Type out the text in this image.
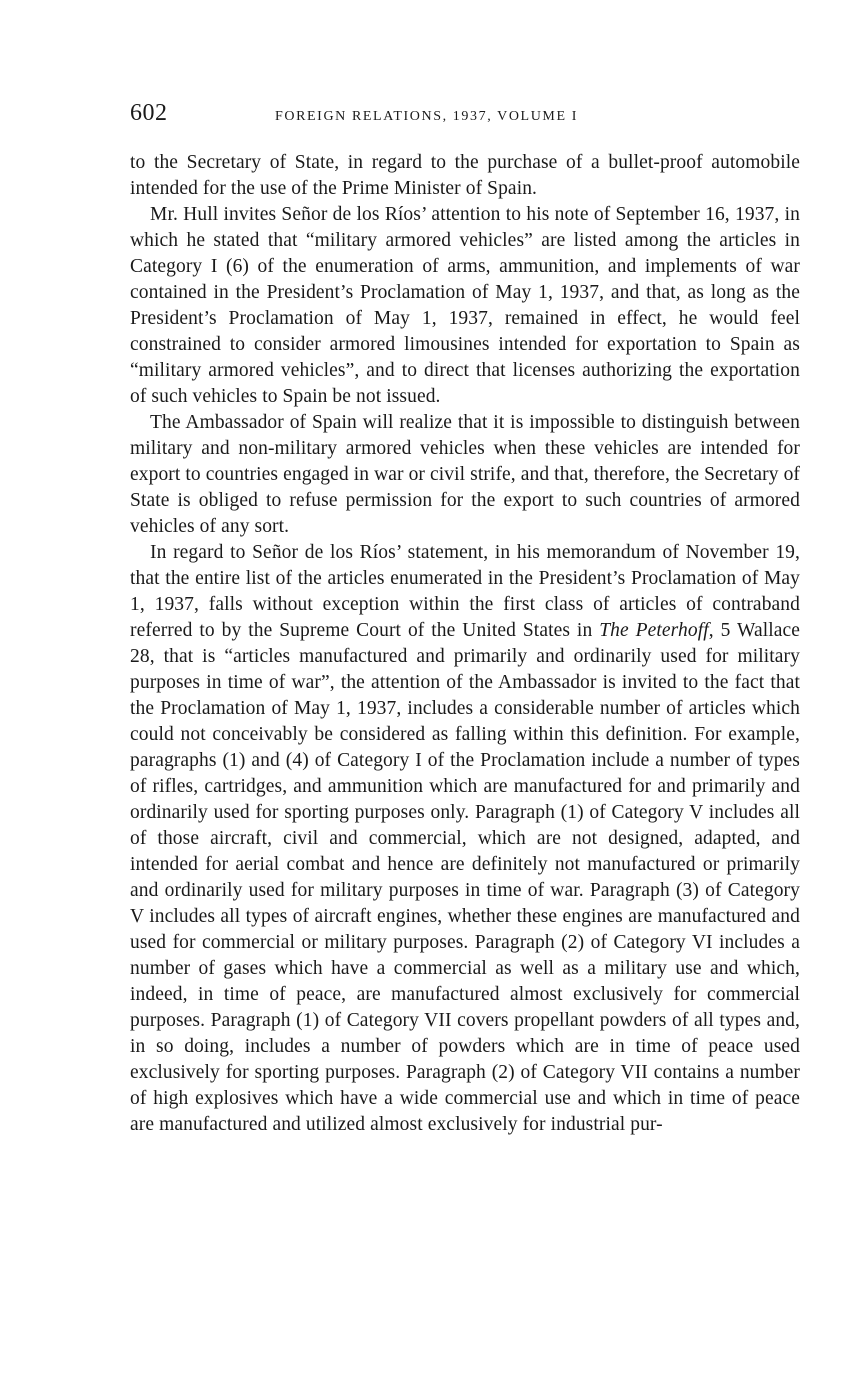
602	FOREIGN RELATIONS, 1937, VOLUME I

to the Secretary of State, in regard to the purchase of a bullet-proof automobile intended for the use of the Prime Minister of Spain.

Mr. Hull invites Señor de los Ríos’ attention to his note of September 16, 1937, in which he stated that “military armored vehicles” are listed among the articles in Category I (6) of the enumeration of arms, ammunition, and implements of war contained in the President’s Proclamation of May 1, 1937, and that, as long as the President’s Proclamation of May 1, 1937, remained in effect, he would feel constrained to consider armored limousines intended for exportation to Spain as “military armored vehicles”, and to direct that licenses authorizing the exportation of such vehicles to Spain be not issued.

The Ambassador of Spain will realize that it is impossible to distinguish between military and non-military armored vehicles when these vehicles are intended for export to countries engaged in war or civil strife, and that, therefore, the Secretary of State is obliged to refuse permission for the export to such countries of armored vehicles of any sort.

In regard to Señor de los Ríos’ statement, in his memorandum of November 19, that the entire list of the articles enumerated in the President’s Proclamation of May 1, 1937, falls without exception within the first class of articles of contraband referred to by the Supreme Court of the United States in The Peterhoff, 5 Wallace 28, that is “articles manufactured and primarily and ordinarily used for military purposes in time of war”, the attention of the Ambassador is invited to the fact that the Proclamation of May 1, 1937, includes a considerable number of articles which could not conceivably be considered as falling within this definition. For example, paragraphs (1) and (4) of Category I of the Proclamation include a number of types of rifles, cartridges, and ammunition which are manufactured for and primarily and ordinarily used for sporting purposes only. Paragraph (1) of Category V includes all of those aircraft, civil and commercial, which are not designed, adapted, and intended for aerial combat and hence are definitely not manufactured or primarily and ordinarily used for military purposes in time of war. Paragraph (3) of Category V includes all types of aircraft engines, whether these engines are manufactured and used for commercial or military purposes. Paragraph (2) of Category VI includes a number of gases which have a commercial as well as a military use and which, indeed, in time of peace, are manufactured almost exclusively for commercial purposes. Paragraph (1) of Category VII covers propellant powders of all types and, in so doing, includes a number of powders which are in time of peace used exclusively for sporting purposes. Paragraph (2) of Category VII contains a number of high explosives which have a wide commercial use and which in time of peace are manufactured and utilized almost exclusively for industrial pur-
